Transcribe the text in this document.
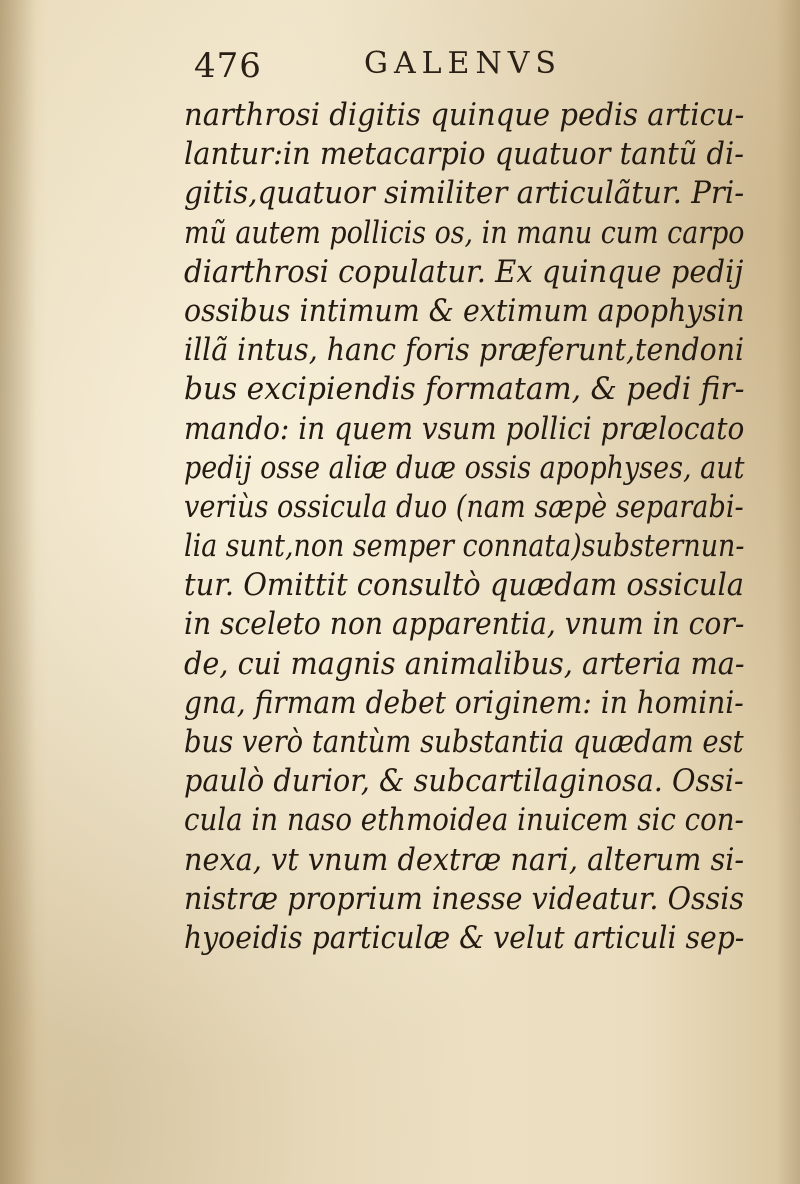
476	GALENVS
narthrosi digitis quinque pedis articu-
lantur:in metacarpio quatuor tantũ di-
gitis,quatuor similiter articulãtur. Pri-
mũ autem pollicis os, in manu cum carpo
diarthrosi copulatur. Ex quinque pedij
ossibus intimum & extimum apophysin
illã intus, hanc foris præferunt,tendoni
bus excipiendis formatam, & pedi fir-
mando: in quem vsum pollici prælocato
pedij osse aliæ duæ ossis apophyses, aut
veriùs ossicula duo (nam sæpè separabi-
lia sunt,non semper connata)substernun-
tur. Omittit consultò quædam ossicula
in sceleto non apparentia, vnum in cor-
de, cui magnis animalibus, arteria ma-
gna, firmam debet originem: in homini-
bus verò tantùm substantia quædam est
paulò durior, & subcartilaginosa. Ossi-
cula in naso ethmoidea inuicem sic con-
nexa, vt vnum dextræ nari, alterum si-
nistræ proprium inesse videatur. Ossis
hyoeidis particulæ & velut articuli sep-
